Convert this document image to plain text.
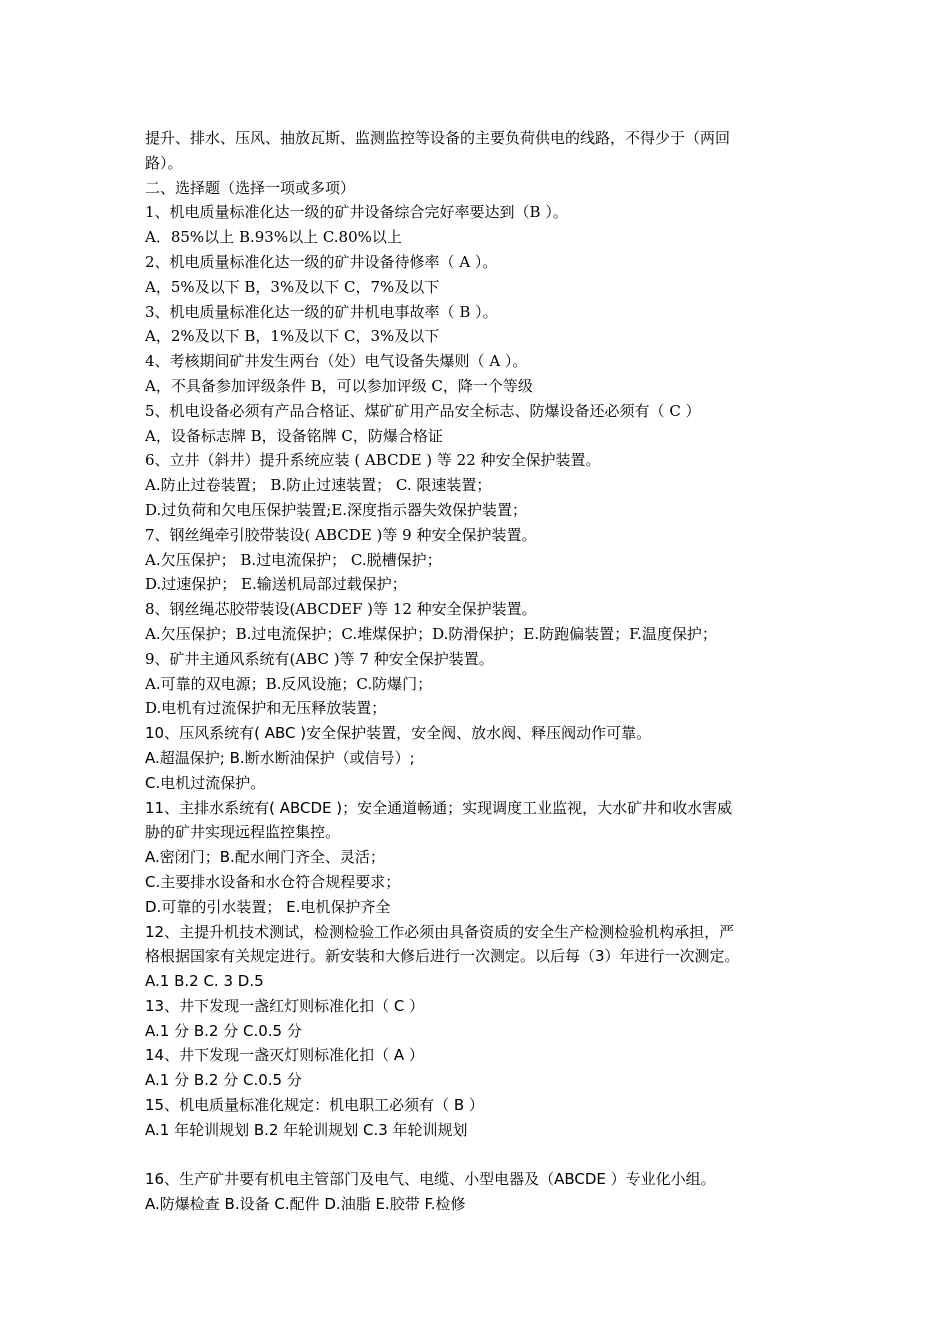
提升、排水、压风、抽放瓦斯、监测监控等设备的主要负荷供电的线路，不得少于（两回
路）。
二、选择题（选择一项或多项）
1、机电质量标准化达一级的矿井设备综合完好率要达到（B ）。
A．85%以上 B.93%以上 C.80%以上
2、机电质量标准化达一级的矿井设备待修率（ A ）。
A，5%及以下 B，3%及以下 C，7%及以下
3、机电质量标准化达一级的矿井机电事故率（ B ）。
A，2%及以下 B，1%及以下 C，3%及以下
4、考核期间矿井发生两台（处）电气设备失爆则（ A ）。
A，不具备参加评级条件 B，可以参加评级 C，降一个等级
5、机电设备必须有产品合格证、煤矿矿用产品安全标志、防爆设备还必须有（ C ）
A，设备标志牌 B，设备铭牌 C，防爆合格证
6、立井（斜井）提升系统应装 ( ABCDE ) 等 22 种安全保护装置。
A.防止过卷装置； B.防止过速装置； C. 限速装置；
D.过负荷和欠电压保护装置;E.深度指示器失效保护装置；
7、钢丝绳牵引胶带装设( ABCDE )等 9 种安全保护装置。
A.欠压保护； B.过电流保护； C.脱槽保护；
D.过速保护； E.输送机局部过载保护；
8、钢丝绳芯胶带装设(ABCDEF )等 12 种安全保护装置。
A.欠压保护；B.过电流保护；C.堆煤保护；D.防滑保护；E.防跑偏装置；F.温度保护；
9、矿井主通风系统有(ABC )等 7 种安全保护装置。
A.可靠的双电源；B.反风设施；C.防爆门；
D.电机有过流保护和无压释放装置；
10、压风系统有( ABC )安全保护装置，安全阀、放水阀、释压阀动作可靠。
A.超温保护; B.断水断油保护（或信号）;
C.电机过流保护。
11、主排水系统有( ABCDE )；安全通道畅通；实现调度工业监视，大水矿井和收水害威
胁的矿井实现远程监控集控。
A.密闭门；B.配水闸门齐全、灵活；
C.主要排水设备和水仓符合规程要求；
D.可靠的引水装置； E.电机保护齐全
12、主提升机技术测试，检测检验工作必须由具备资质的安全生产检测检验机构承担，严
格根据国家有关规定进行。新安装和大修后进行一次测定。以后每（3）年进行一次测定。
A.1 B.2 C. 3 D.5
13、井下发现一盏红灯则标准化扣（ C ）
A.1 分 B.2 分 C.0.5 分
14、井下发现一盏灭灯则标准化扣（ A ）
A.1 分 B.2 分 C.0.5 分
15、机电质量标准化规定：机电职工必须有（ B ）
A.1 年轮训规划 B.2 年轮训规划 C.3 年轮训规划
16、生产矿井要有机电主管部门及电气、电缆、小型电器及（ABCDE ）专业化小组。
A.防爆检查 B.设备 C.配件 D.油脂 E.胶带 F.检修
